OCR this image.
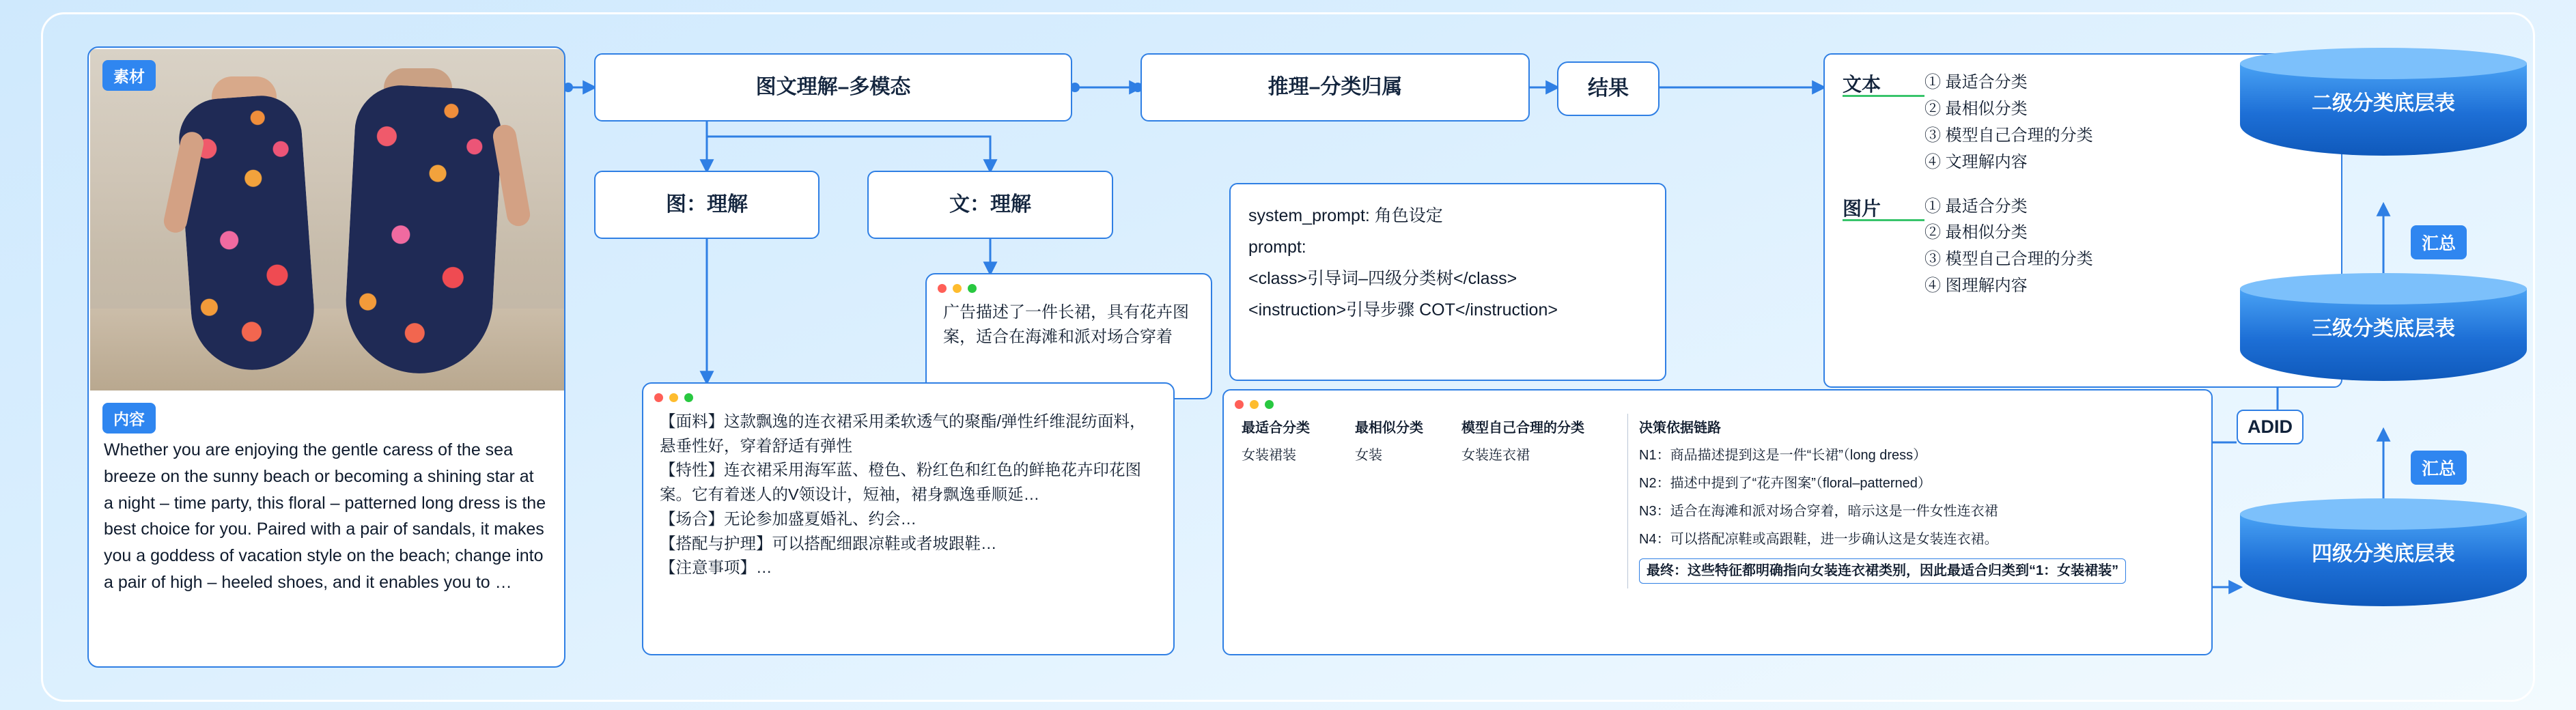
素材
内容
Whether you are enjoying the gentle caress of the sea breeze on the sunny beach or becoming a shining star at a night – time party, this floral – patterned long dress is the best choice for you. Paired with a pair of sandals, it makes you a goddess of vacation style on the beach; change into a pair of high – heeled shoes, and it enables you to …
图文理解–多模态	推理–分类归属	结果
图：理解	文：理解
广告描述了一件长裙，具有花卉图案，适合在海滩和派对场合穿着
【面料】这款飘逸的连衣裙采用柔软透气的聚酯/弹性纤维混纺面料，悬垂性好，穿着舒适有弹性
【特性】连衣裙采用海军蓝、橙色、粉红色和红色的鲜艳花卉印花图案。它有着迷人的V领设计，短袖，裙身飘逸垂顺延…
【场合】无论参加盛夏婚礼、约会…
【搭配与护理】可以搭配细跟凉鞋或者坡跟鞋…
【注意事项】…

system_prompt: 角色设定

prompt:

<class>引导词–四级分类树</class>

<instruction>引导步骤 COT</instruction>

文本	① 最适合分类
② 最相似分类
③ 模型自己合理的分类
④ 文理解内容
图片	① 最适合分类
② 最相似分类
③ 模型自己合理的分类
④ 图理解内容
最适合分类	最相似分类	模型自己合理的分类	决策依据链路
女装裙装	女装	女装连衣裙	N1：商品描述提到这是一件“长裙”（long dress）
			N2：描述中提到了“花卉图案”（floral–patterned）
			N3：适合在海滩和派对场合穿着，暗示这是一件女性连衣裙
			N4：可以搭配凉鞋或高跟鞋，进一步确认这是女装连衣裙。
			最终：这些特征都明确指向女装连衣裙类别，因此最适合归类到“1：女装裙装”
ADID
二级分类底层表
三级分类底层表
四级分类底层表
汇总
汇总
